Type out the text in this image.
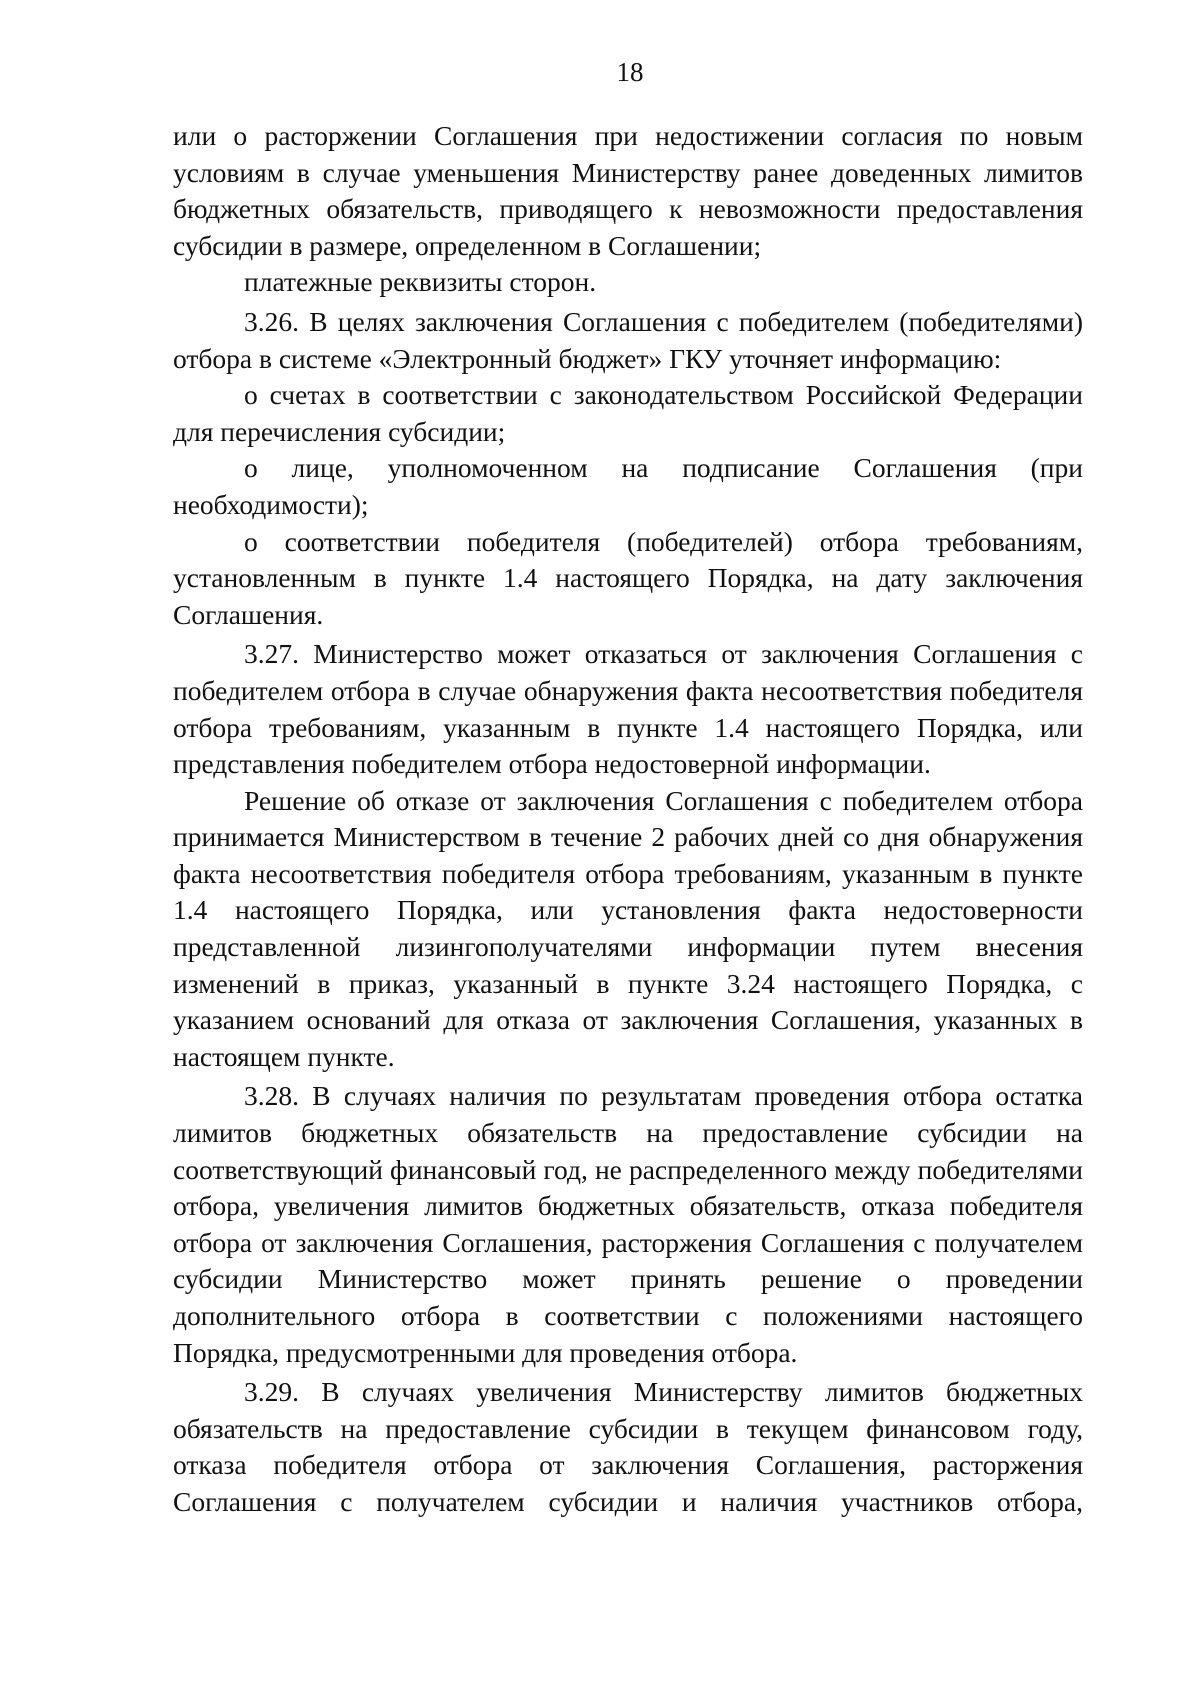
18

или о расторжении Соглашения при недостижении согласия по новым условиям в случае уменьшения Министерству ранее доведенных лимитов бюджетных обязательств, приводящего к невозможности предоставления субсидии в размере, определенном в Соглашении;

платежные реквизиты сторон.

3.26. В целях заключения Соглашения с победителем (победителями) отбора в системе «Электронный бюджет» ГКУ уточняет информацию:

о счетах в соответствии с законодательством Российской Федерации для перечисления субсидии;

о лице, уполномоченном на подписание Соглашения (при необходимости);

о соответствии победителя (победителей) отбора требованиям, установленным в пункте 1.4 настоящего Порядка, на дату заключения Соглашения.

3.27. Министерство может отказаться от заключения Соглашения с победителем отбора в случае обнаружения факта несоответствия победителя отбора требованиям, указанным в пункте 1.4 настоящего Порядка, или представления победителем отбора недостоверной информации.

Решение об отказе от заключения Соглашения с победителем отбора принимается Министерством в течение 2 рабочих дней со дня обнаружения факта несоответствия победителя отбора требованиям, указанным в пункте 1.4 настоящего Порядка, или установления факта недостоверности представленной лизингополучателями информации путем внесения изменений в приказ, указанный в пункте 3.24 настоящего Порядка, с указанием оснований для отказа от заключения Соглашения, указанных в настоящем пункте.

3.28. В случаях наличия по результатам проведения отбора остатка лимитов бюджетных обязательств на предоставление субсидии на соответствующий финансовый год, не распределенного между победителями отбора, увеличения лимитов бюджетных обязательств, отказа победителя отбора от заключения Соглашения, расторжения Соглашения с получателем субсидии Министерство может принять решение о проведении дополнительного отбора в соответствии с положениями настоящего Порядка, предусмотренными для проведения отбора.

3.29. В случаях увеличения Министерству лимитов бюджетных обязательств на предоставление субсидии в текущем финансовом году, отказа победителя отбора от заключения Соглашения, расторжения Соглашения с получателем субсидии и наличия участников отбора,
